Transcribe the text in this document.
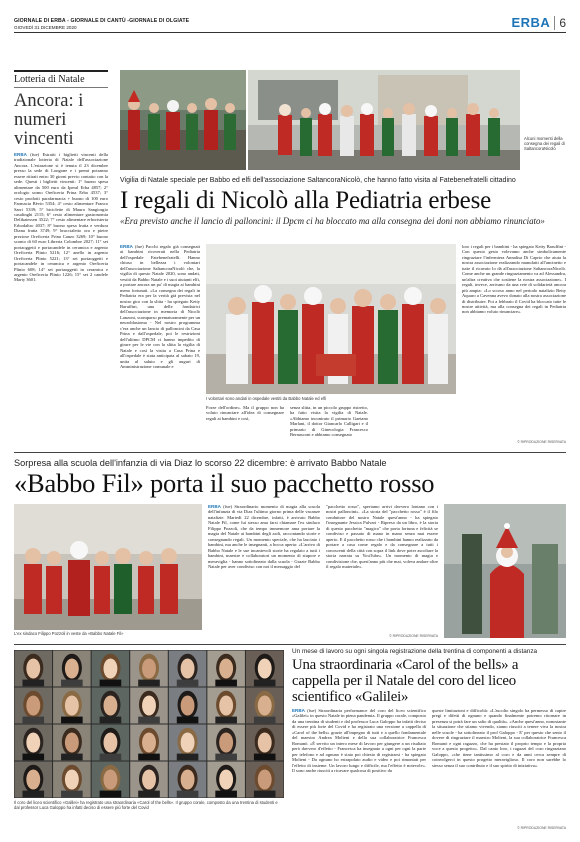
GIORNALE DI ERBA - GIORNALE DI CANTÙ -GIORNALE DI OLGIATE
GIOVEDÌ 31 DICEMBRE 2020	ERBA 6
Lotteria di Natale
Ancora: i numeri vincenti
ERBA (fue) Estratti i biglietti vincenti della tradizionale lotteria di Natale dell'associazione Ancora. L'estrazione si è tenuta il 23 dicembre presso la sede di Longone e i premi potranno essere ritirati entro 30 giorni previo contatto con la sede. Questi i biglietti vincenti: 1° buono spesa alimentare da 500 euro da Iperal Erba 4857; 2° orologio uomo Oreficeria Prina Erba 4537; 3° cesto prodotti parafarmacia + buono di 100 euro Farmacia Bèvio 5354; 4° cesto alimentare Franco Sarri 5339; 5° biciclette di Mauro Sangiorgio casalinghi 2115; 6° cesto alimentare gastronomia Delikatessen 3522; 7° cesto alimentare erboristeria Erbodaltro 4037; 8° buono spesa frutta e verdura Diana frutta 3749; 9° braccialetto oro e pietre preziose Oreficeria Prina Canzo 3269; 10° buono sconto di 60 euro Libreria Colombre 2027; 11° set portaoggetti e portacandele in ceramica e argento Oreficeria Plinio 5216; 12° anello in argento Oreficeria Plinio 5221; 13° set portaoggetti e portacandele in ceramica e argento Oreficeria Plinio 608; 14° set portaoggetti in ceramica e argento Oreficeria Plinio 1226; 15° set 2 candele Marty 3601.
Alcuni momenti della consegna dei regali di SaltancoraNicolò
Vigilia di Natale speciale per Babbo ed elfi dell'associazione SaltancoraNicolò, che hanno fatto visita al Fatebenefratelli cittadino
I regali di Nicolò alla Pediatria erbese
«Era previsto anche il lancio di palloncini: il Dpcm ci ha bloccato ma alla consegna dei doni non abbiamo rinunciato»
ERBA (fue) Pacchi regalo già consegnati ai bambini ricoverati nella Pediatria dell'ospedale Fatebenefratelli. Hanno chiuso in bellezza i volontari dell'associazione SaltancoraNicolò che, la vigilia di questo Natale 2020, sono andati, vestiti da Babbo Natale e i suoi aiutanti elfi, a portare ancora un po' di magia ai bambini meno fortunati. «La consegna dei regali in Pediatria era per la verità già prevista nel nostro giro con la slitta - ha spiegato Ketty Baruffini, una delle fondatrici dell'associazione in memoria di Nicolò Lanzoni, scomparso prematuramente per un neuroblastoma - Nel nostro programma c'era anche un lancio di palloncini da Casa Prina e dall'ospedale, poi le restrizioni dell'ultimo DPCM ci hanno impedito di girare per le vie con la slitta la vigilia di Natale e così la visita a Casa Prina e all'ospedale è stata anticipata al sabato 19, unita al saluto e gli auguri di Amministrazione comunale e
I volontari sono andati in ospedale vestiti da Babbo Natale ed elfi
Forze dell'ordine». Ma il gruppo non ha voluto rinunciare all'idea di consegnare regali ai bambini e così,
senza slitta, in un piccolo gruppo ristretto, ha fatto visita la vigilia di Natale. «Abbiamo incontrato il primario Gaetano Marlani, il dottor Giancarlo Calligari e il primario di Ginecologia Francesco Bernasconi e abbiamo consegnato
loro i regali per i bambini - ha spiegato Ketty Baruffini - Con questo gesto volevamo anche simbolicamente ringraziare l'infermiera Annalisa Di Caprio che aiuta la nostra associazione realizzando manufatti all'uncinetto e tutte il ricavato lo dà all'associazione SaltancoraNicolò. Come anche un grande ringraziamento va ad Alessandra, un'altra creativa che sostiene la nostra associazione». I regali, invece, arrivano da una rete di solidarietà ancora più ampia: «Lo scorso anno nel periodo natalizio Betty Aquaro a Cavenna avevo donato alla nostra associazione di distribuire. Poi a febbraio il Covid ha bloccato tutte le nostre attività, ma alla consegna dei regali in Pediatria non abbiamo voluto rinunciare».
© RIPRODUZIONE RISERVATA
Sorpresa alla scuola dell'infanzia di via Diaz lo scorso 22 dicembre: è arrivato Babbo Natale
«Babbo Fil» porta il suo pacchetto rosso
L'ex sindaco Filippo Pozzoli in veste da «Babbo Natale Fil»
ERBA (fue) Straordinario momento di magia alla scuola dell'infanzia di via Diaz l'ultimo giorno prima delle vacanze natalizie. Martedì 22 dicembre, infatti, è arrivato Babbo Natale Fil, come lui stesso ama farsi chiamare l'ex sindaco Filippo Pozzoli, che da tempo immemore ama portare la magia del Natale ai bambini degli asili, raccontando storie e consegnando regali. Un momento speciale, che ha lasciato i bambini, ma anche le insegnanti, a bocca aperta: «L'arrivo di Babbo Natale e le sue incantevoli storie ha regalato a tutti i bambini, maestre e collaboratori un momento di stupore e meraviglia - hanno sottolineato dalla scuola - Grazie Babbo Natale per aver condiviso con noi il messaggio del
"pacchetto rosso", speriamo arrivi davvero lontano con i nostri palloncini». «La storia del "pacchetto rosso" è il filo conduttore del nostro Natale quest'anno - ha spiegato l'insegnante Jessica Pulvari - Ripreso da un libro, è la storia di questo pacchetto "magico" che porta fortuna e felicità se condiviso e passato di mano in mano senza mai essere aperto. E il pacchetto rosso che i bambini hanno realizzato da portare a casa come regalo e da consegnare a tutti i conoscenti della città con sopra il link dove poter ascoltare la storia narrata su YouTube». Un momento di magia e condivisione che, quest'anno più che mai, voleva andare oltre il regalo materiale».
© RIPRODUZIONE RISERVATA
Il coro del liceo scientifico «Galilei» ha registrato una straordinaria «Carol of the bells». Il gruppo corale, composto da una trentina di studenti e dal professor Luca Galoppo ha infatti deciso di essere più forte del Covid
Un mese di lavoro su ogni singola registrazione della trentina di componenti a distanza
Una straordinaria «Carol of the bells» a cappella per il Natale del coro del liceo scientifico «Galilei»
ERBA (fue) Straordinaria performance del coro del liceo scientifico «Galilei» in questo Natale in piena pandemia. Il gruppo corale, composto da una trentina di studenti e dal professor Luca Galoppo ha infatti deciso di essere più forte del Covid e ha registrato una versione a cappella di «Carol of the bells» grazie all'impegno di tutti e a quello fondamentale del maestro Andrea Molteni e della sua collaboratrice Francesca Romanò. «È servito un intero mese di lavoro per giungere a un risultato però davvero d'effetto - Francesca ha insegnato a ogni per ogni la parte per telefono e ad ognuno è stato poi chiesto di registrarsi - ha spiegato Molteni - Da ognuno ho estrapolato audio e video e poi rimontati per l'effetto di insieme. Un lavoro lungo e difficile, ma l'effetto è notevole». Il sono anche riusciti a ricavare qualcosa di positivo da
queste limitazioni e difficoltà: «L'ascolto singolo ha permesso di capire pregi e difetti di ognuno e quando finalmente potremo ritornare in presenza si potrà fare un salto di qualità». «Anche quest'anno, nonostante la situazione che stiamo vivendo, siamo riusciti a tenere viva la nostra nelle scuole - ha sottolineato il prof Galoppo - E' per questo che sento il dovere di ringraziare il maestro Molteni, la sua collaboratrice Francesca Romanò e ogni ragazzo, che ha prestato il proprio tempo e la propria voce a questo progetto». Dal canto loro, i ragazzi del coro ringraziano Galoppo, «che tiene tantissimo al coro e da anni cerca sempre di coinvolgerci in questo progetto meraviglioso. Il coro non sarebbe lo stesso senza il suo contributo e il suo spirito di iniziativa».
© RIPRODUZIONE RISERVATA
